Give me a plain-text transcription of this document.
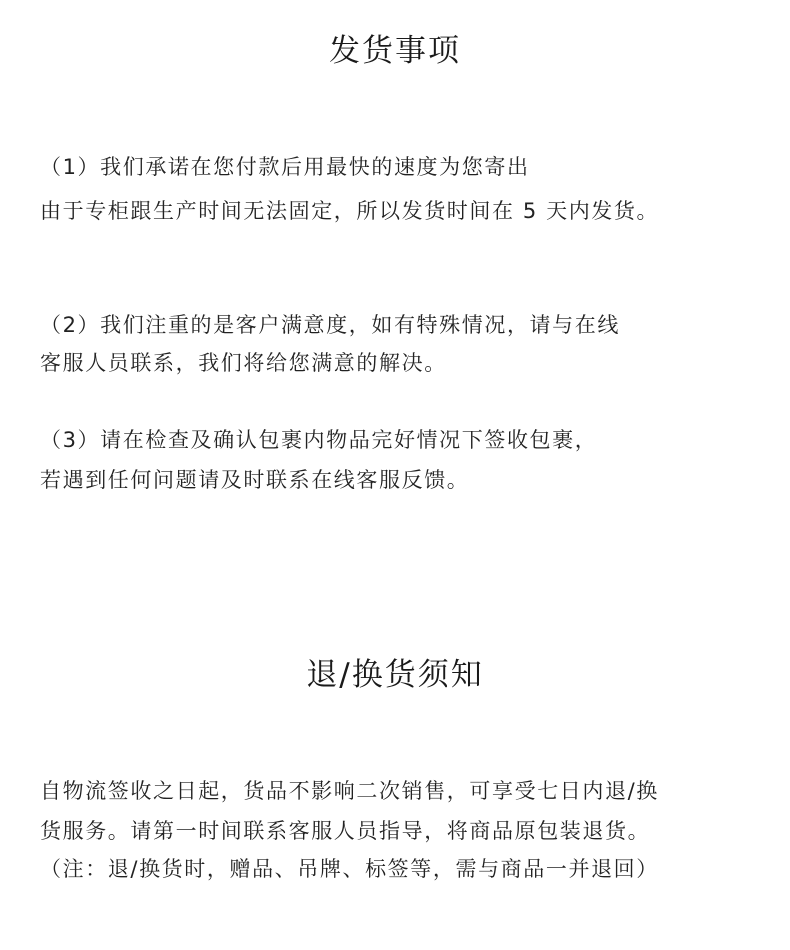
发货事项
（1）我们承诺在您付款后用最快的速度为您寄出
由于专柜跟生产时间无法固定，所以发货时间在 5 天内发货。
（2）我们注重的是客户满意度，如有特殊情况，请与在线
客服人员联系，我们将给您满意的解决。
（3）请在检查及确认包裹内物品完好情况下签收包裹，
若遇到任何问题请及时联系在线客服反馈。
退/换货须知
自物流签收之日起，货品不影响二次销售，可享受七日内退/换
货服务。请第一时间联系客服人员指导，将商品原包装退货。
（注：退/换货时，赠品、吊牌、标签等，需与商品一并退回）
